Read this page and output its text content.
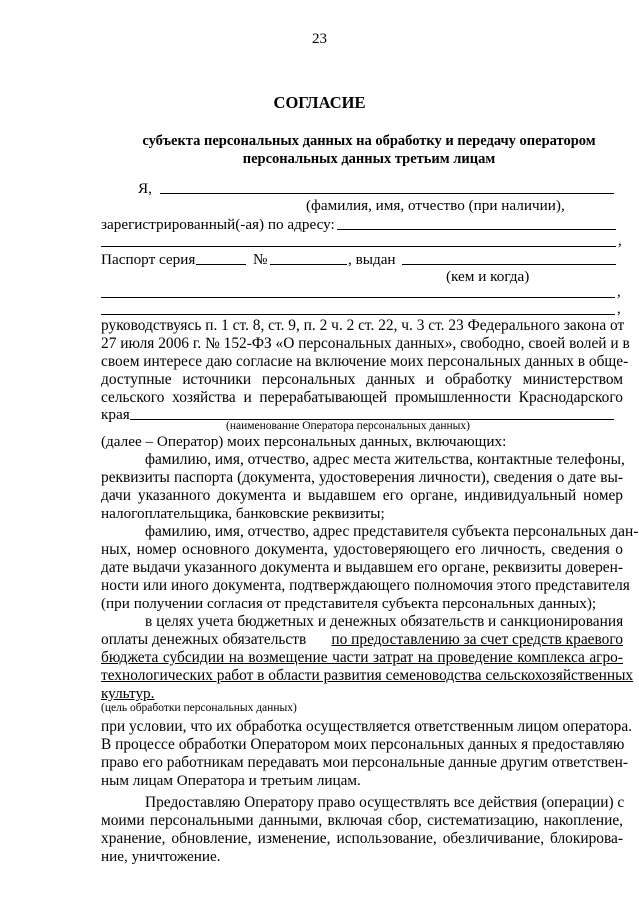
23
СОГЛАСИЕ
субъекта персональных данных на обработку и передачу оператором
персональных данных третьим лицам
Я,
(фамилия, имя, отчество (при наличии),
зарегистрированный(-ая) по адресу:
,
Паспорт серия	№	, выдан
(кем и когда)
,
,
руководствуясь п. 1 ст. 8, ст. 9, п. 2 ч. 2 ст. 22, ч. 3 ст. 23 Федерального закона от
27 июля 2006 г. № 152-ФЗ «О персональных данных», свободно, своей волей и в
своем интересе даю согласие на включение моих персональных данных в обще-
доступные источники персональных данных и обработку министерством
сельского хозяйства и перерабатывающей промышленности Краснодарского
края
(наименование Оператора персональных данных)
(далее – Оператор) моих персональных данных, включающих:
фамилию, имя, отчество, адрес места жительства, контактные телефоны,
реквизиты паспорта (документа, удостоверения личности), сведения о дате вы-
дачи указанного документа и выдавшем его органе, индивидуальный номер
налогоплательщика, банковские реквизиты;
фамилию, имя, отчество, адрес представителя субъекта персональных дан-
ных, номер основного документа, удостоверяющего его личность, сведения о
дате выдачи указанного документа и выдавшем его органе, реквизиты доверен-
ности или иного документа, подтверждающего полномочия этого представителя
(при получении согласия от представителя субъекта персональных данных);
в целях учета бюджетных и денежных обязательств и санкционирования
оплаты денежных обязательств по предоставлению за счет средств краевого
бюджета субсидии на возмещение части затрат на проведение комплекса агро-
технологических работ в области развития семеноводства сельскохозяйственных
культур.
(цель обработки персональных данных)
при условии, что их обработка осуществляется ответственным лицом оператора.
В процессе обработки Оператором моих персональных данных я предоставляю
право его работникам передавать мои персональные данные другим ответствен-
ным лицам Оператора и третьим лицам.
Предоставляю Оператору право осуществлять все действия (операции) с
моими персональными данными, включая сбор, систематизацию, накопление,
хранение, обновление, изменение, использование, обезличивание, блокирова-
ние, уничтожение.
